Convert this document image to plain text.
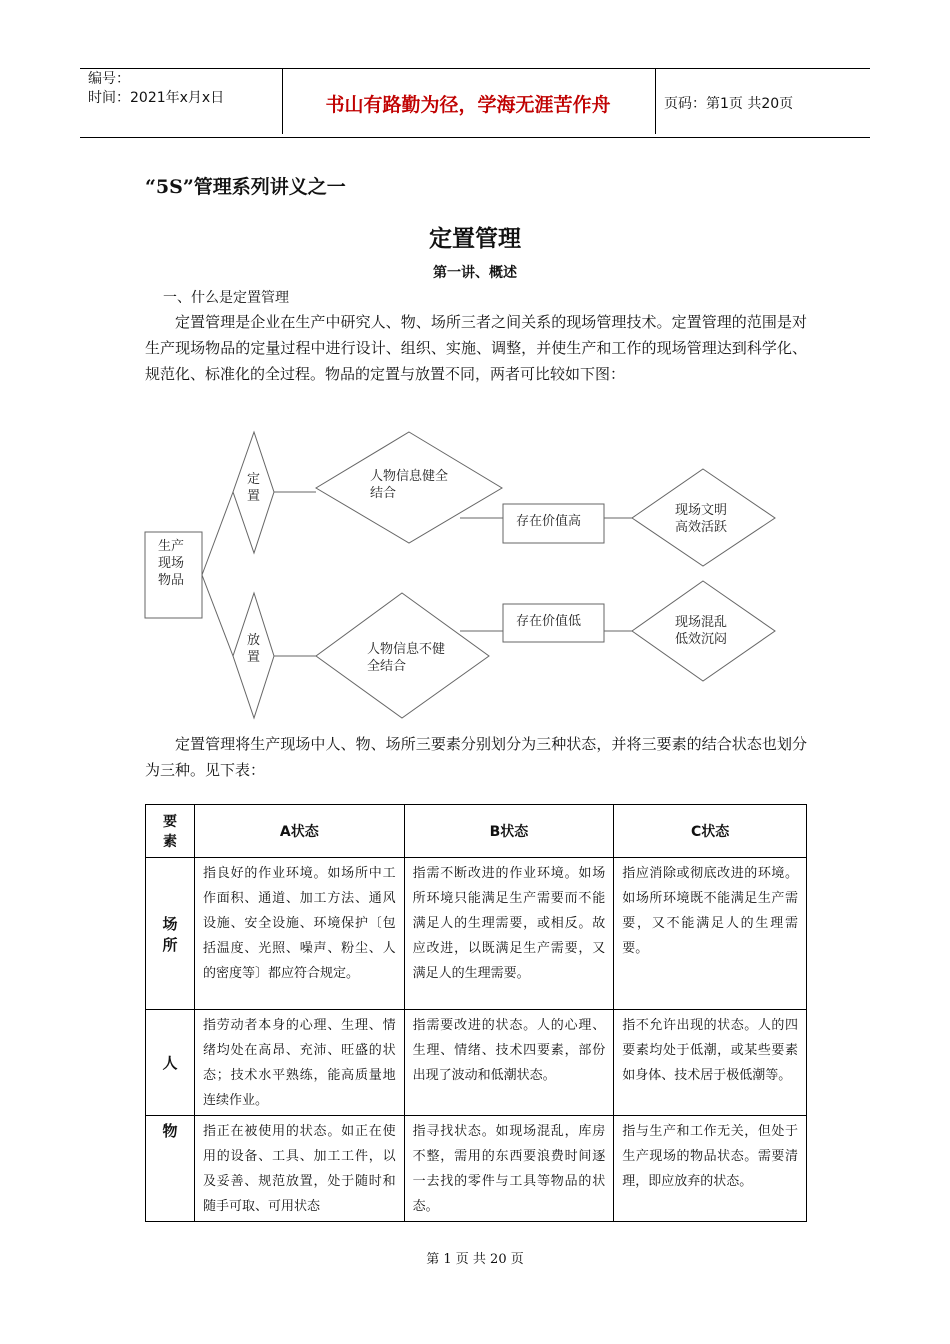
编号：
时间：2021年x月x日	书山有路勤为径，学海无涯苦作舟	页码：第1页 共20页
“5S”管理系列讲义之一
定置管理
第一讲、概述
一、什么是定置管理
定置管理是企业在生产中研究人、物、场所三者之间关系的现场管理技术。定置管理的范围是对生产现场物品的定量过程中进行设计、组织、实施、调整，并使生产和工作的现场管理达到科学化、规范化、标准化的全过程。物品的定置与放置不同，两者可比较如下图：
生产现场物品
定置
放置
人物信息健全结合
人物信息不健全结合
存在价值高
存在价值低
现场文明高效活跃
现场混乱低效沉闷
定置管理将生产现场中人、物、场所三要素分别划分为三种状态，并将三要素的结合状态也划分为三种。见下表：
要素	A状态	B状态	C状态
场所	指良好的作业环境。如场所中工作面积、通道、加工方法、通风设施、安全设施、环境保护〔包括温度、光照、噪声、粉尘、人的密度等〕都应符合规定。	指需不断改进的作业环境。如场所环境只能满足生产需要而不能满足人的生理需要，或相反。故应改进，以既满足生产需要，又满足人的生理需要。	指应消除或彻底改进的环境。如场所环境既不能满足生产需要，又不能满足人的生理需要。
人	指劳动者本身的心理、生理、情绪均处在高昂、充沛、旺盛的状态；技术水平熟练，能高质量地连续作业。	指需要改进的状态。人的心理、生理、情绪、技术四要素，部份出现了波动和低潮状态。	指不允许出现的状态。人的四要素均处于低潮，或某些要素如身体、技术居于极低潮等。
物	指正在被使用的状态。如正在使用的设备、工具、加工工件，以及妥善、规范放置，处于随时和随手可取、可用状态	指寻找状态。如现场混乱，库房不整，需用的东西要浪费时间逐一去找的零件与工具等物品的状态。	指与生产和工作无关，但处于生产现场的物品状态。需要清理，即应放弃的状态。
第 1 页 共 20 页
